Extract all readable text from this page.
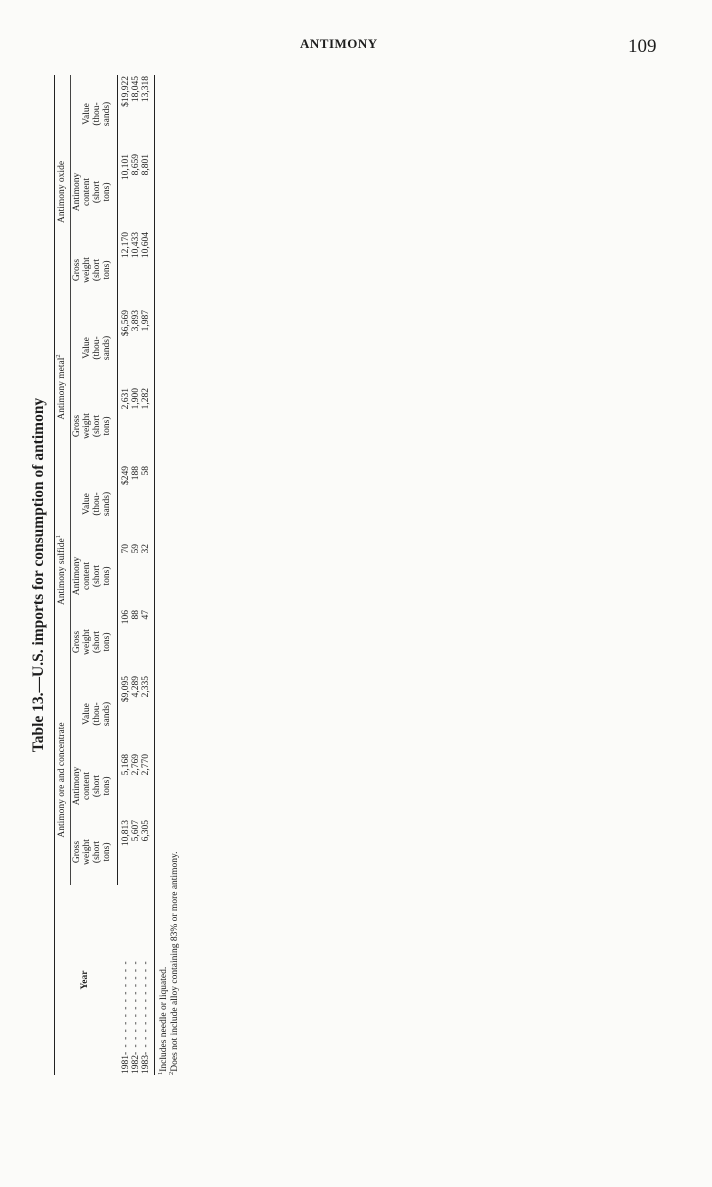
ANTIMONY	109
Table 13.—U.S. imports for consumption of antimony
Year	Antimony ore and concentrate			Antimony sulfide$^1$			Antimony metal$^2$		Antimony oxide		
	Gross
weight
(short
tons)	Antimony
content
(short
tons)	Value
(thou-
sands)	Gross
weight
(short
tons)	Antimony
content
(short
tons)	Value
(thou-
sands)	Gross
weight
(short
tons)	Value
(thou-
sands)	Gross
weight
(short
tons)	Antimony
content
(short
tons)	Value
(thou-
sands)
1981- - - - - - - - - - - - -	10,813	5,168	$9,095	106	70	$249	2,631	$6,569	12,170	10,101	$19,922
1982- - - - - - - - - - - - -	5,607	2,769	4,289	88	59	188	1,900	3,893	10,433	8,659	18,045
1983- - - - - - - - - - - - -	6,305	2,770	2,335	47	32	58	1,282	1,987	10,604	8,801	13,318
$^1$Includes needle or liquated.
$^2$Does not include alloy containing 83% or more antimony.
